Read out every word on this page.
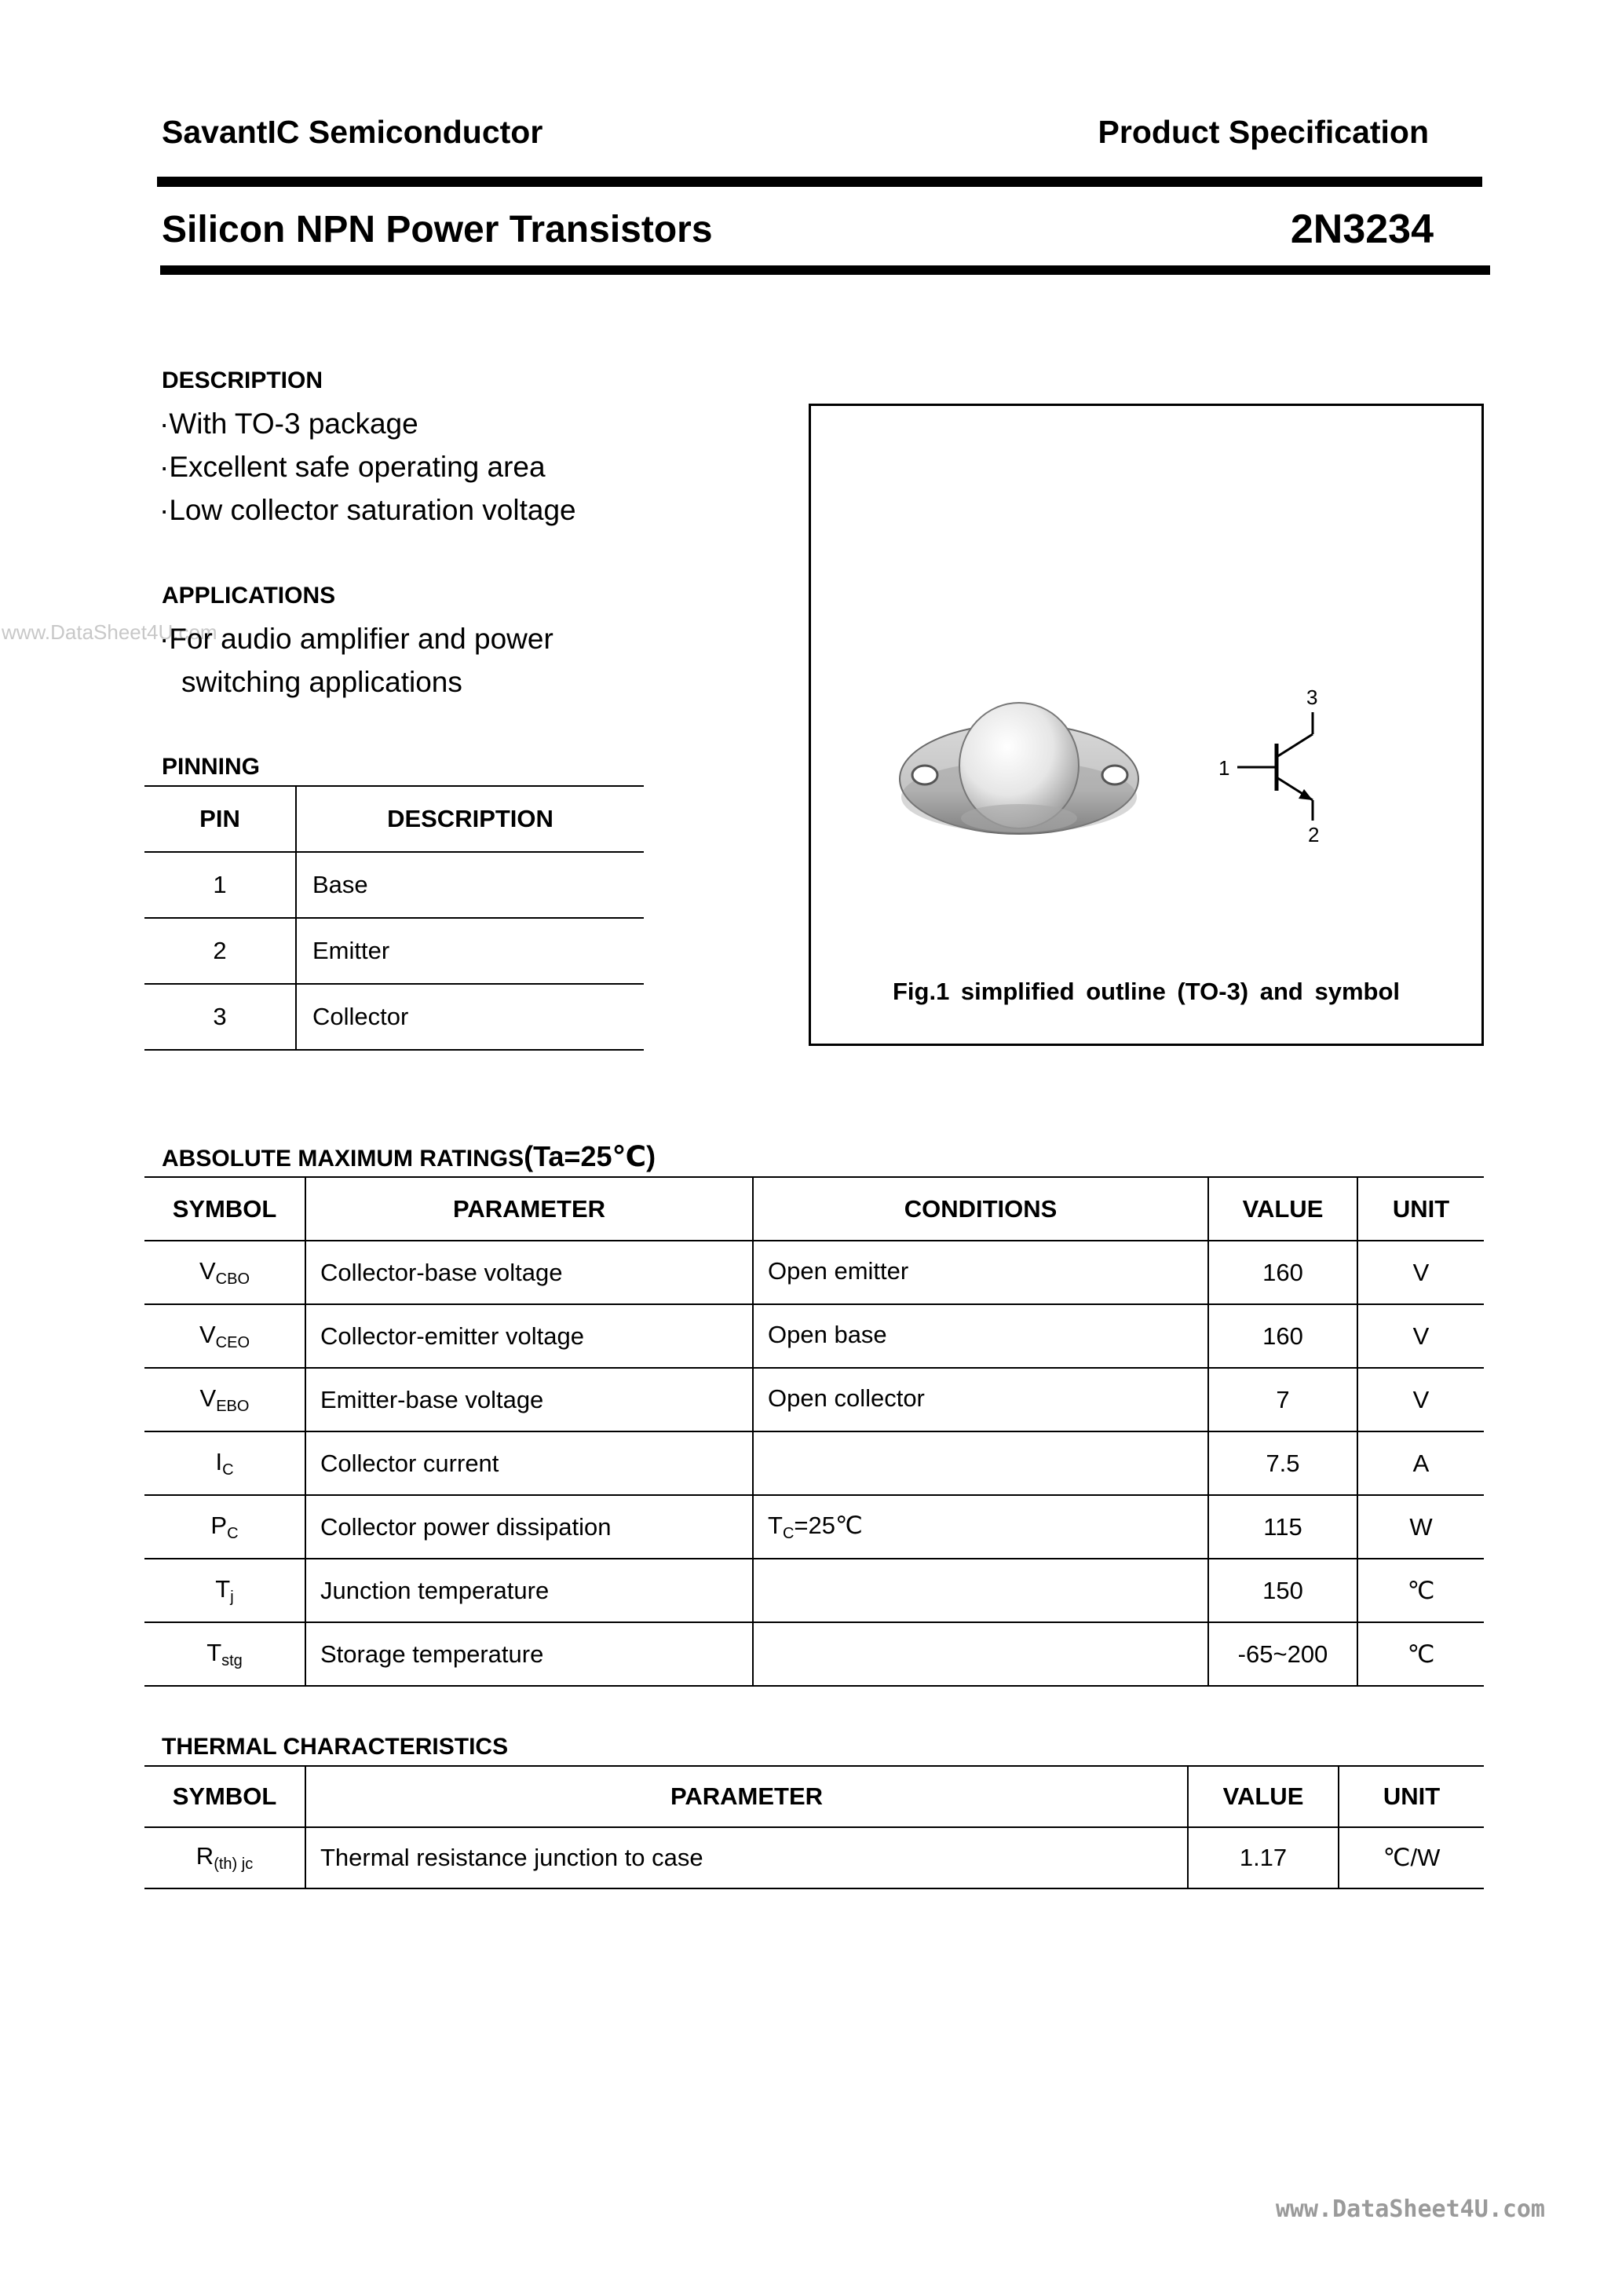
SavantIC Semiconductor	Product Specification
Silicon NPN Power Transistors	2N3234
www.DataSheet4U.com
DESCRIPTION
·With TO-3 package
·Excellent safe operating area
·Low collector saturation voltage
APPLICATIONS
·For audio amplifier and power
switching applications
PINNING
PIN	DESCRIPTION
1	Base
2	Emitter
3	Collector
1
3
2
Fig.1 simplified outline (TO-3) and symbol
ABSOLUTE MAXIMUM RATINGS(Ta=25℃)
SYMBOL	PARAMETER	CONDITIONS	VALUE	UNIT
$V_{CBO}$	Collector-base voltage	Open emitter	160	V
$V_{CEO}$	Collector-emitter voltage	Open base	160	V
$V_{EBO}$	Emitter-base voltage	Open collector	7	V
$I_C$	Collector current		7.5	A
$P_C$	Collector power dissipation	$T_C=25℃$	115	W
$T_j$	Junction temperature		150	℃
$T_{stg}$	Storage temperature		-65~200	℃
THERMAL CHARACTERISTICS
SYMBOL	PARAMETER	VALUE	UNIT
$R_{(th) jc}$	Thermal resistance junction to case	1.17	℃/W
www.DataSheet4U.com
